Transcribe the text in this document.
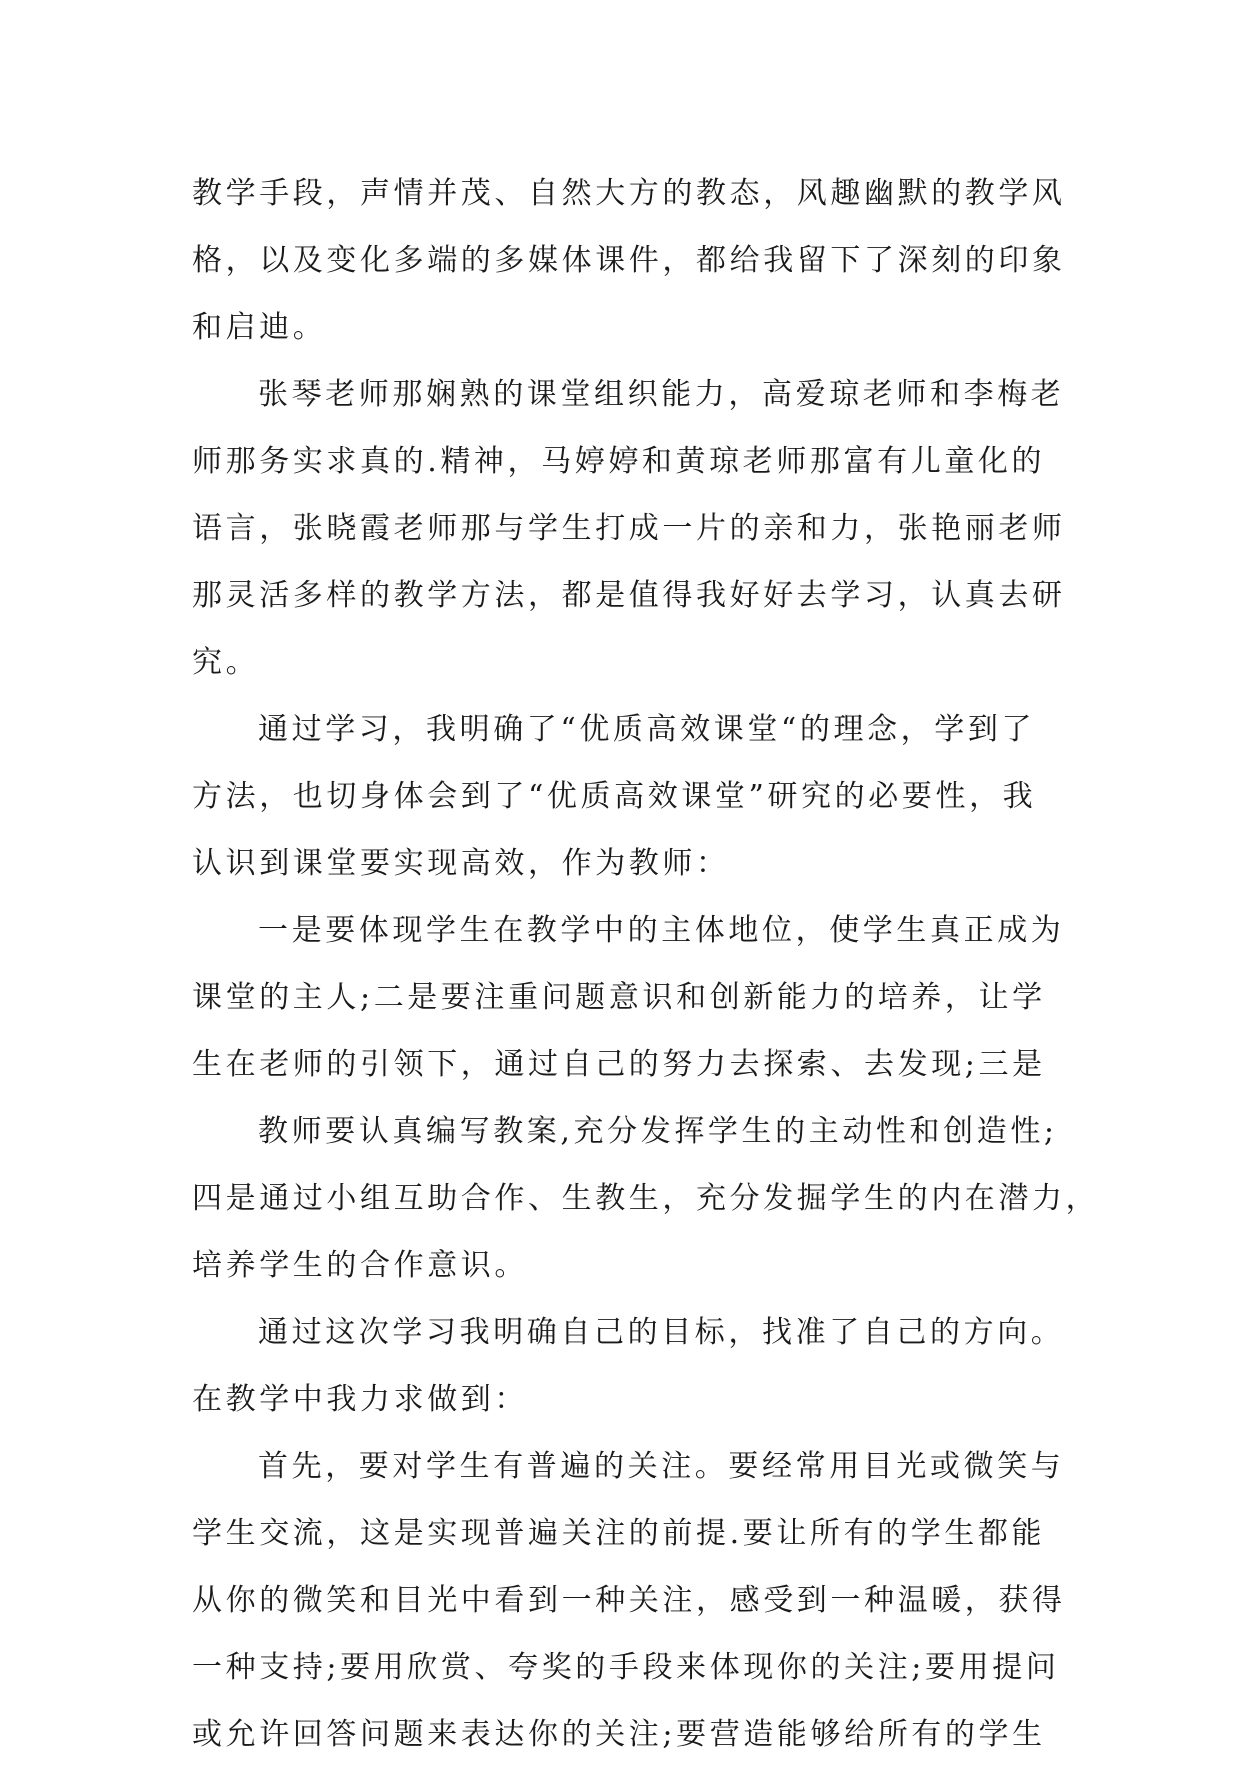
教学手段，声情并茂、自然大方的教态，风趣幽默的教学风
格，以及变化多端的多媒体课件，都给我留下了深刻的印象
和启迪。
张琴老师那娴熟的课堂组织能力，高爱琼老师和李梅老
师那务实求真的.精神，马婷婷和黄琼老师那富有儿童化的
语言，张晓霞老师那与学生打成一片的亲和力，张艳丽老师
那灵活多样的教学方法，都是值得我好好去学习，认真去研
究。
通过学习，我明确了“优质高效课堂“的理念，学到了
方法，也切身体会到了“优质高效课堂”研究的必要性，我
认识到课堂要实现高效，作为教师：
一是要体现学生在教学中的主体地位，使学生真正成为
课堂的主人;二是要注重问题意识和创新能力的培养，让学
生在老师的引领下，通过自己的努力去探索、去发现;三是
教师要认真编写教案,充分发挥学生的主动性和创造性;
四是通过小组互助合作、生教生，充分发掘学生的内在潜力，
培养学生的合作意识。
通过这次学习我明确自己的目标，找准了自己的方向。
在教学中我力求做到：
首先，要对学生有普遍的关注。要经常用目光或微笑与
学生交流，这是实现普遍关注的前提.要让所有的学生都能
从你的微笑和目光中看到一种关注，感受到一种温暖，获得
一种支持;要用欣赏、夸奖的手段来体现你的关注;要用提问
或允许回答问题来表达你的关注;要营造能够给所有的学生
